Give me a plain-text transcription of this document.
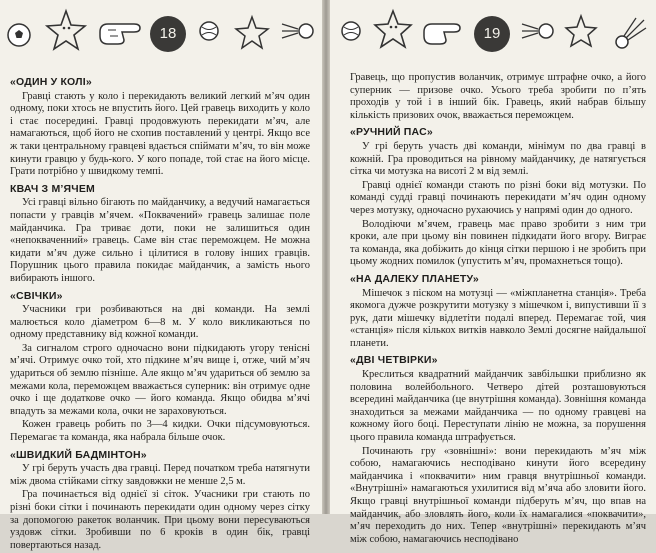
18
«ОДИН У КОЛІ»

Гравці стають у коло і перекидають великий легкий м’яч один одному, поки хтось не впустить його. Цей гравець виходить у коло і стає посередині. Гравці продовжують перекидати м’яч, але намагаються, щоб його не схопив поставлений у центрі. Якщо все ж таки центральному гравцеві вдається спіймати м’яч, то він може кинути гравцю у будь-кого. У кого попаде, той стає на його місце. Грати потрібно у швидкому темпі.

КВАЧ З М’ЯЧЕМ

Усі гравці вільно бігають по майданчику, а ведучий намагається попасти у гравців м’ячем. «Поквачений» гравець залишає поле майданчика. Гра триває доти, поки не залишиться один «непокваченний» гравець. Саме він стає переможцем. Не можна кидати м’яч дуже сильно і цілитися в голову інших гравців. Порушник цього правила покидає майданчик, а замість нього вибирають іншого.

«СВІЧКИ»

Учасники гри розбиваються на дві команди. На землі малюється коло діаметром 6—8 м. У коло викликаються по одному представнику від кожної команди.

За сигналом строго одночасно вони підкидають угору тенісні м’ячі. Отримує очко той, хто підкине м’яч вище і, отже, чий м’яч удариться об землю пізніше. Але якщо м’яч удариться об землю за межами кола, переможцем вважається суперник: він отримує одне очко і ще додаткове очко — його команда. Якщо обидва м’ячі впадуть за межами кола, очки не зараховуються.

Кожен гравець робить по 3—4 кидки. Очки підсумовуються. Перемагає та команда, яка набрала більше очок.

«ШВИДКИЙ БАДМІНТОН»

У грі беруть участь два гравці. Перед початком треба натягнути між двома стійками сітку завдовжки не менше 2,5 м.

Гра починається від однієї зі сіток. Учасники гри стають по різні боки сітки і починають перекидати один одному через сітку за допомогою ракеток воланчик. При цьому вони пересуваються уздовж сітки. Зробивши по 6 кроків в один бік, гравці повертаються назад.

19

Гравець, що пропустив воланчик, отримує штрафне очко, а його суперник — призове очко. Усього треба зробити по п’ять проходів у той і в інший бік. Гравець, який набрав більшу кількість призових очок, вважається переможцем.

«РУЧНИЙ ПАС»

У грі беруть участь дві команди, мінімум по два гравці в кожній. Гра проводиться на рівному майданчику, де натягується сітка чи мотузка на висоті 2 м від землі.

Гравці однієї команди стають по різні боки від мотузки. По команді судді гравці починають перекидати м’яч один одному через мотузку, одночасно рухаючись у напрямі один до одного.

Володіючи м’ячем, гравець має право зробити з ним три кроки, але при цьому він повинен підкидати його вгору. Виграє та команда, яка добіжить до кінця сітки першою і не зробить при цьому жодних помилок (упустить м’яч, промахнеться тощо).

«НА ДАЛЕКУ ПЛАНЕТУ»

Мішечок з піском на мотузці — «міжпланетна станція». Треба якомога дужче розкрутити мотузку з мішечком і, випустивши її з рук, дати мішечку відлетіти подалі вперед. Перемагає той, чия «станція» після кількох витків навколо Землі досягне найдальшої планети.

«ДВІ ЧЕТВІРКИ»

Креслиться квадратний майданчик завбільшки приблизно як половина волейбольного. Четверо дітей розташовуються всередині майданчика (це внутрішня команда). Зовнішня команда знаходиться за межами майданчика — по одному гравцеві на кожному його боці. Переступати лінію не можна, за порушення цього правила команда штрафується.

Починають гру «зовнішні»: вони перекидають м’яч між собою, намагаючись несподівано кинути його всередину майданчика і «поквачити» ним гравця внутрішньої команди. «Внутрішні» намагаються ухилитися від м’яча або зловити його. Якщо гравці внутрішньої команди підберуть м’яч, що впав на майданчик, або зловлять його, коли їх намагалися «поквачити», м’яч переходить до них. Тепер «внутрішні» перекидають м’яч між собою, намагаючись несподівано
